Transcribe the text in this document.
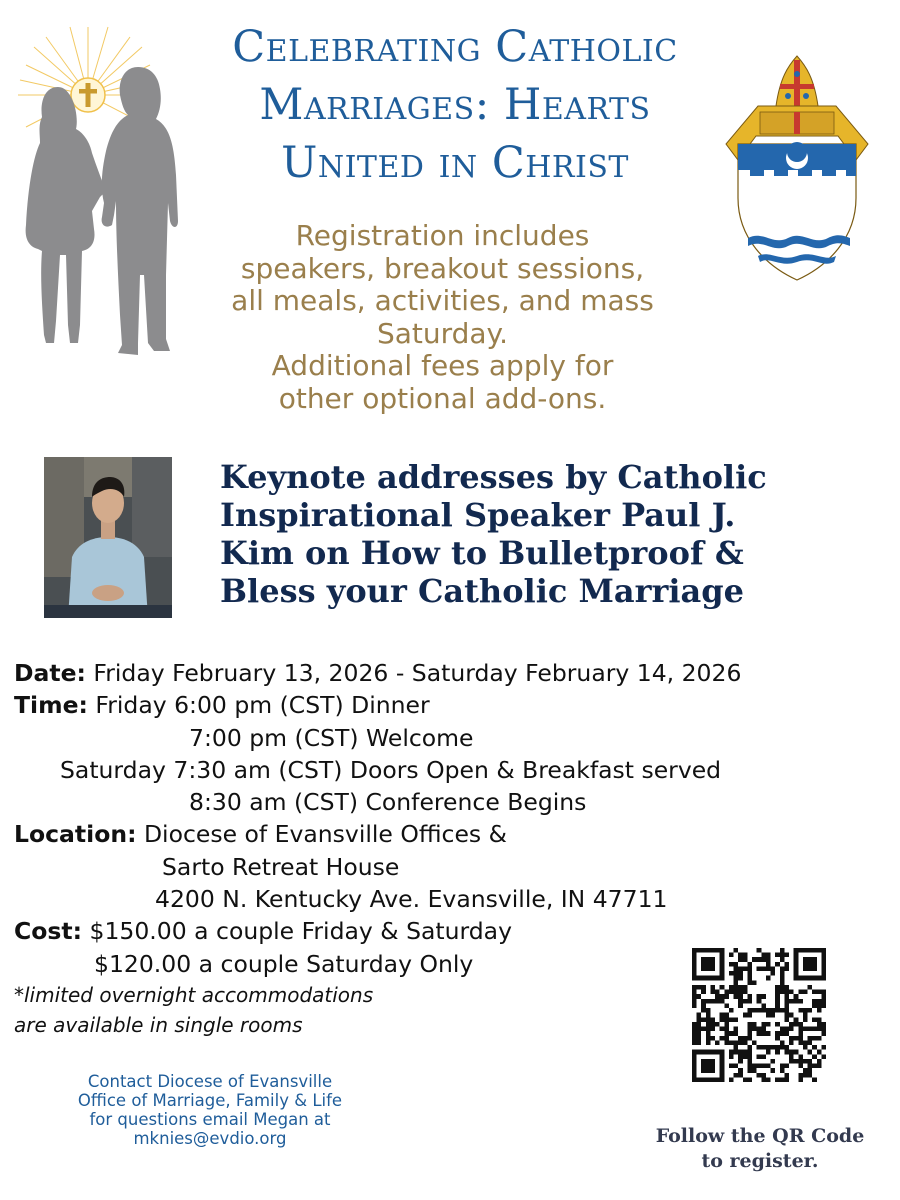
Celebrating Catholic
Marriages: Hearts
United in Christ
Registration includes
speakers, breakout sessions,
all meals, activities, and mass
Saturday.
Additional fees apply for
other optional add-ons.
Keynote addresses by Catholic
Inspirational Speaker Paul J.
Kim on How to Bulletproof &
Bless your Catholic Marriage
Date: Friday February 13, 2026 - Saturday February 14, 2026
Time: Friday 6:00 pm (CST) Dinner
7:00 pm (CST) Welcome
Saturday 7:30 am (CST) Doors Open & Breakfast served
8:30 am (CST) Conference Begins
Location: Diocese of Evansville Offices &
Sarto Retreat House
4200 N. Kentucky Ave. Evansville, IN 47711
Cost: $150.00 a couple Friday & Saturday
$120.00 a couple Saturday Only
*limited overnight accommodations
are available in single rooms
Contact Diocese of Evansville
Office of Marriage, Family & Life
for questions email Megan at
mknies@evdio.org	Follow the QR Code
to register.
